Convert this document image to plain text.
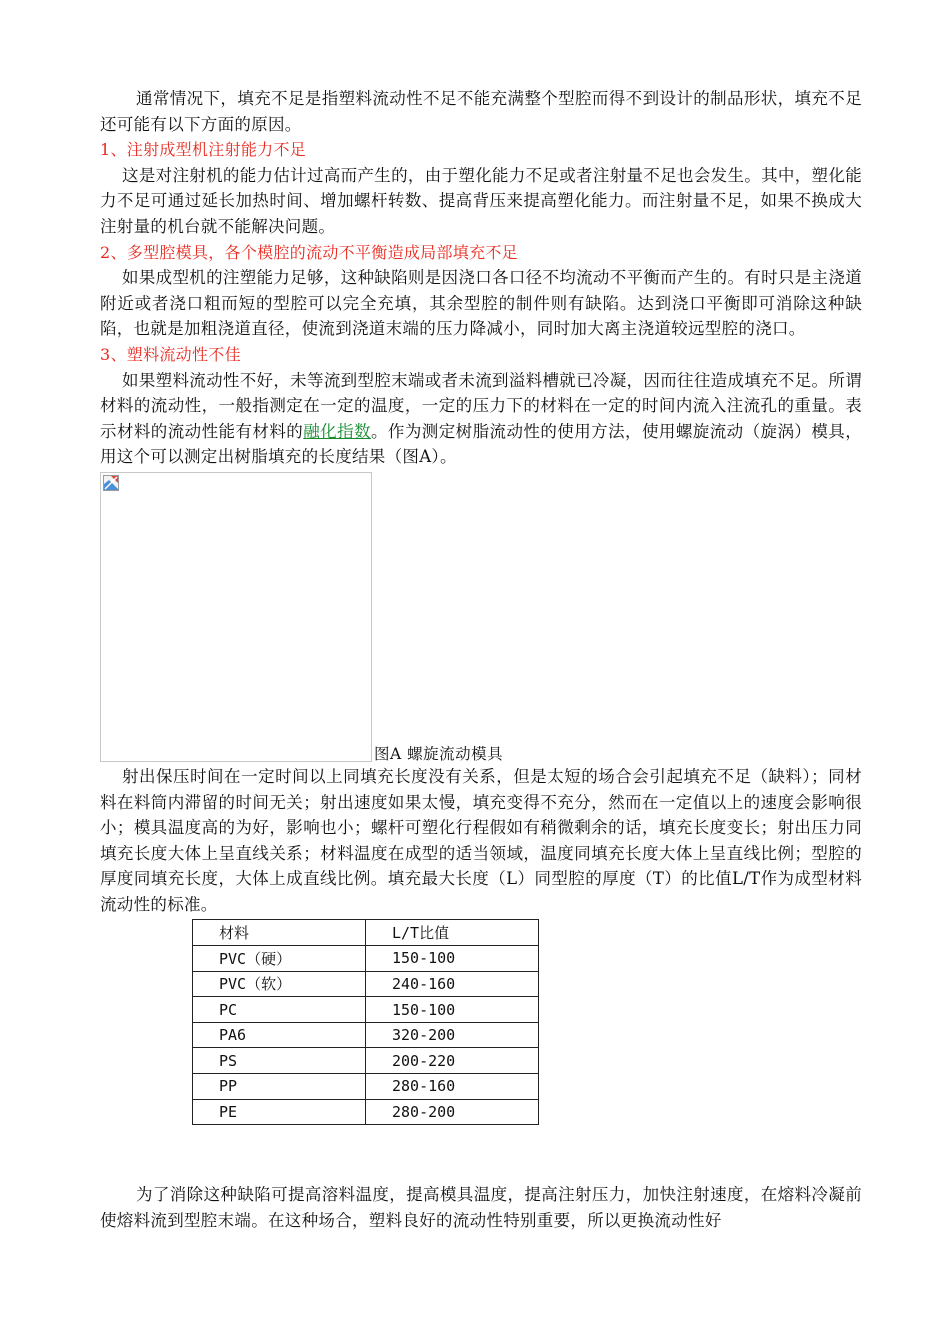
通常情况下，填充不足是指塑料流动性不足不能充满整个型腔而得不到设计的制品形状，填充不足还可能有以下方面的原因。

1、注射成型机注射能力不足

这是对注射机的能力估计过高而产生的，由于塑化能力不足或者注射量不足也会发生。其中，塑化能力不足可通过延长加热时间、增加螺杆转数、提高背压来提高塑化能力。而注射量不足，如果不换成大注射量的机台就不能解决问题。

2、多型腔模具，各个模腔的流动不平衡造成局部填充不足

如果成型机的注塑能力足够，这种缺陷则是因浇口各口径不均流动不平衡而产生的。有时只是主浇道附近或者浇口粗而短的型腔可以完全充填，其余型腔的制件则有缺陷。达到浇口平衡即可消除这种缺陷，也就是加粗浇道直径，使流到浇道末端的压力降减小，同时加大离主浇道较远型腔的浇口。

3、塑料流动性不佳

如果塑料流动性不好，未等流到型腔末端或者未流到溢料槽就已冷凝，因而往往造成填充不足。所谓材料的流动性，一般指测定在一定的温度，一定的压力下的材料在一定的时间内流入注流孔的重量。表示材料的流动性能有材料的融化指数。作为测定树脂流动性的使用方法，使用螺旋流动（旋涡）模具，用这个可以测定出树脂填充的长度结果（图A）。

图A 螺旋流动模具

射出保压时间在一定时间以上同填充长度没有关系，但是太短的场合会引起填充不足（缺料）；同材料在料筒内滞留的时间无关；射出速度如果太慢，填充变得不充分，然而在一定值以上的速度会影响很小；模具温度高的为好，影响也小；螺杆可塑化行程假如有稍微剩余的话，填充长度变长；射出压力同填充长度大体上呈直线关系；材料温度在成型的适当领域，温度同填充长度大体上呈直线比例；型腔的厚度同填充长度，大体上成直线比例。填充最大长度（L）同型腔的厚度（T）的比值L/T作为成型材料流动性的标准。

材料	L/T比值
PVC（硬）	150-100
PVC（软）	240-160
PC	150-100
PA6	320-200
PS	200-220
PP	280-160
PE	280-200

为了消除这种缺陷可提高溶料温度，提高模具温度，提高注射压力，加快注射速度，在熔料冷凝前使熔料流到型腔末端。在这种场合，塑料良好的流动性特别重要，所以更换流动性好
